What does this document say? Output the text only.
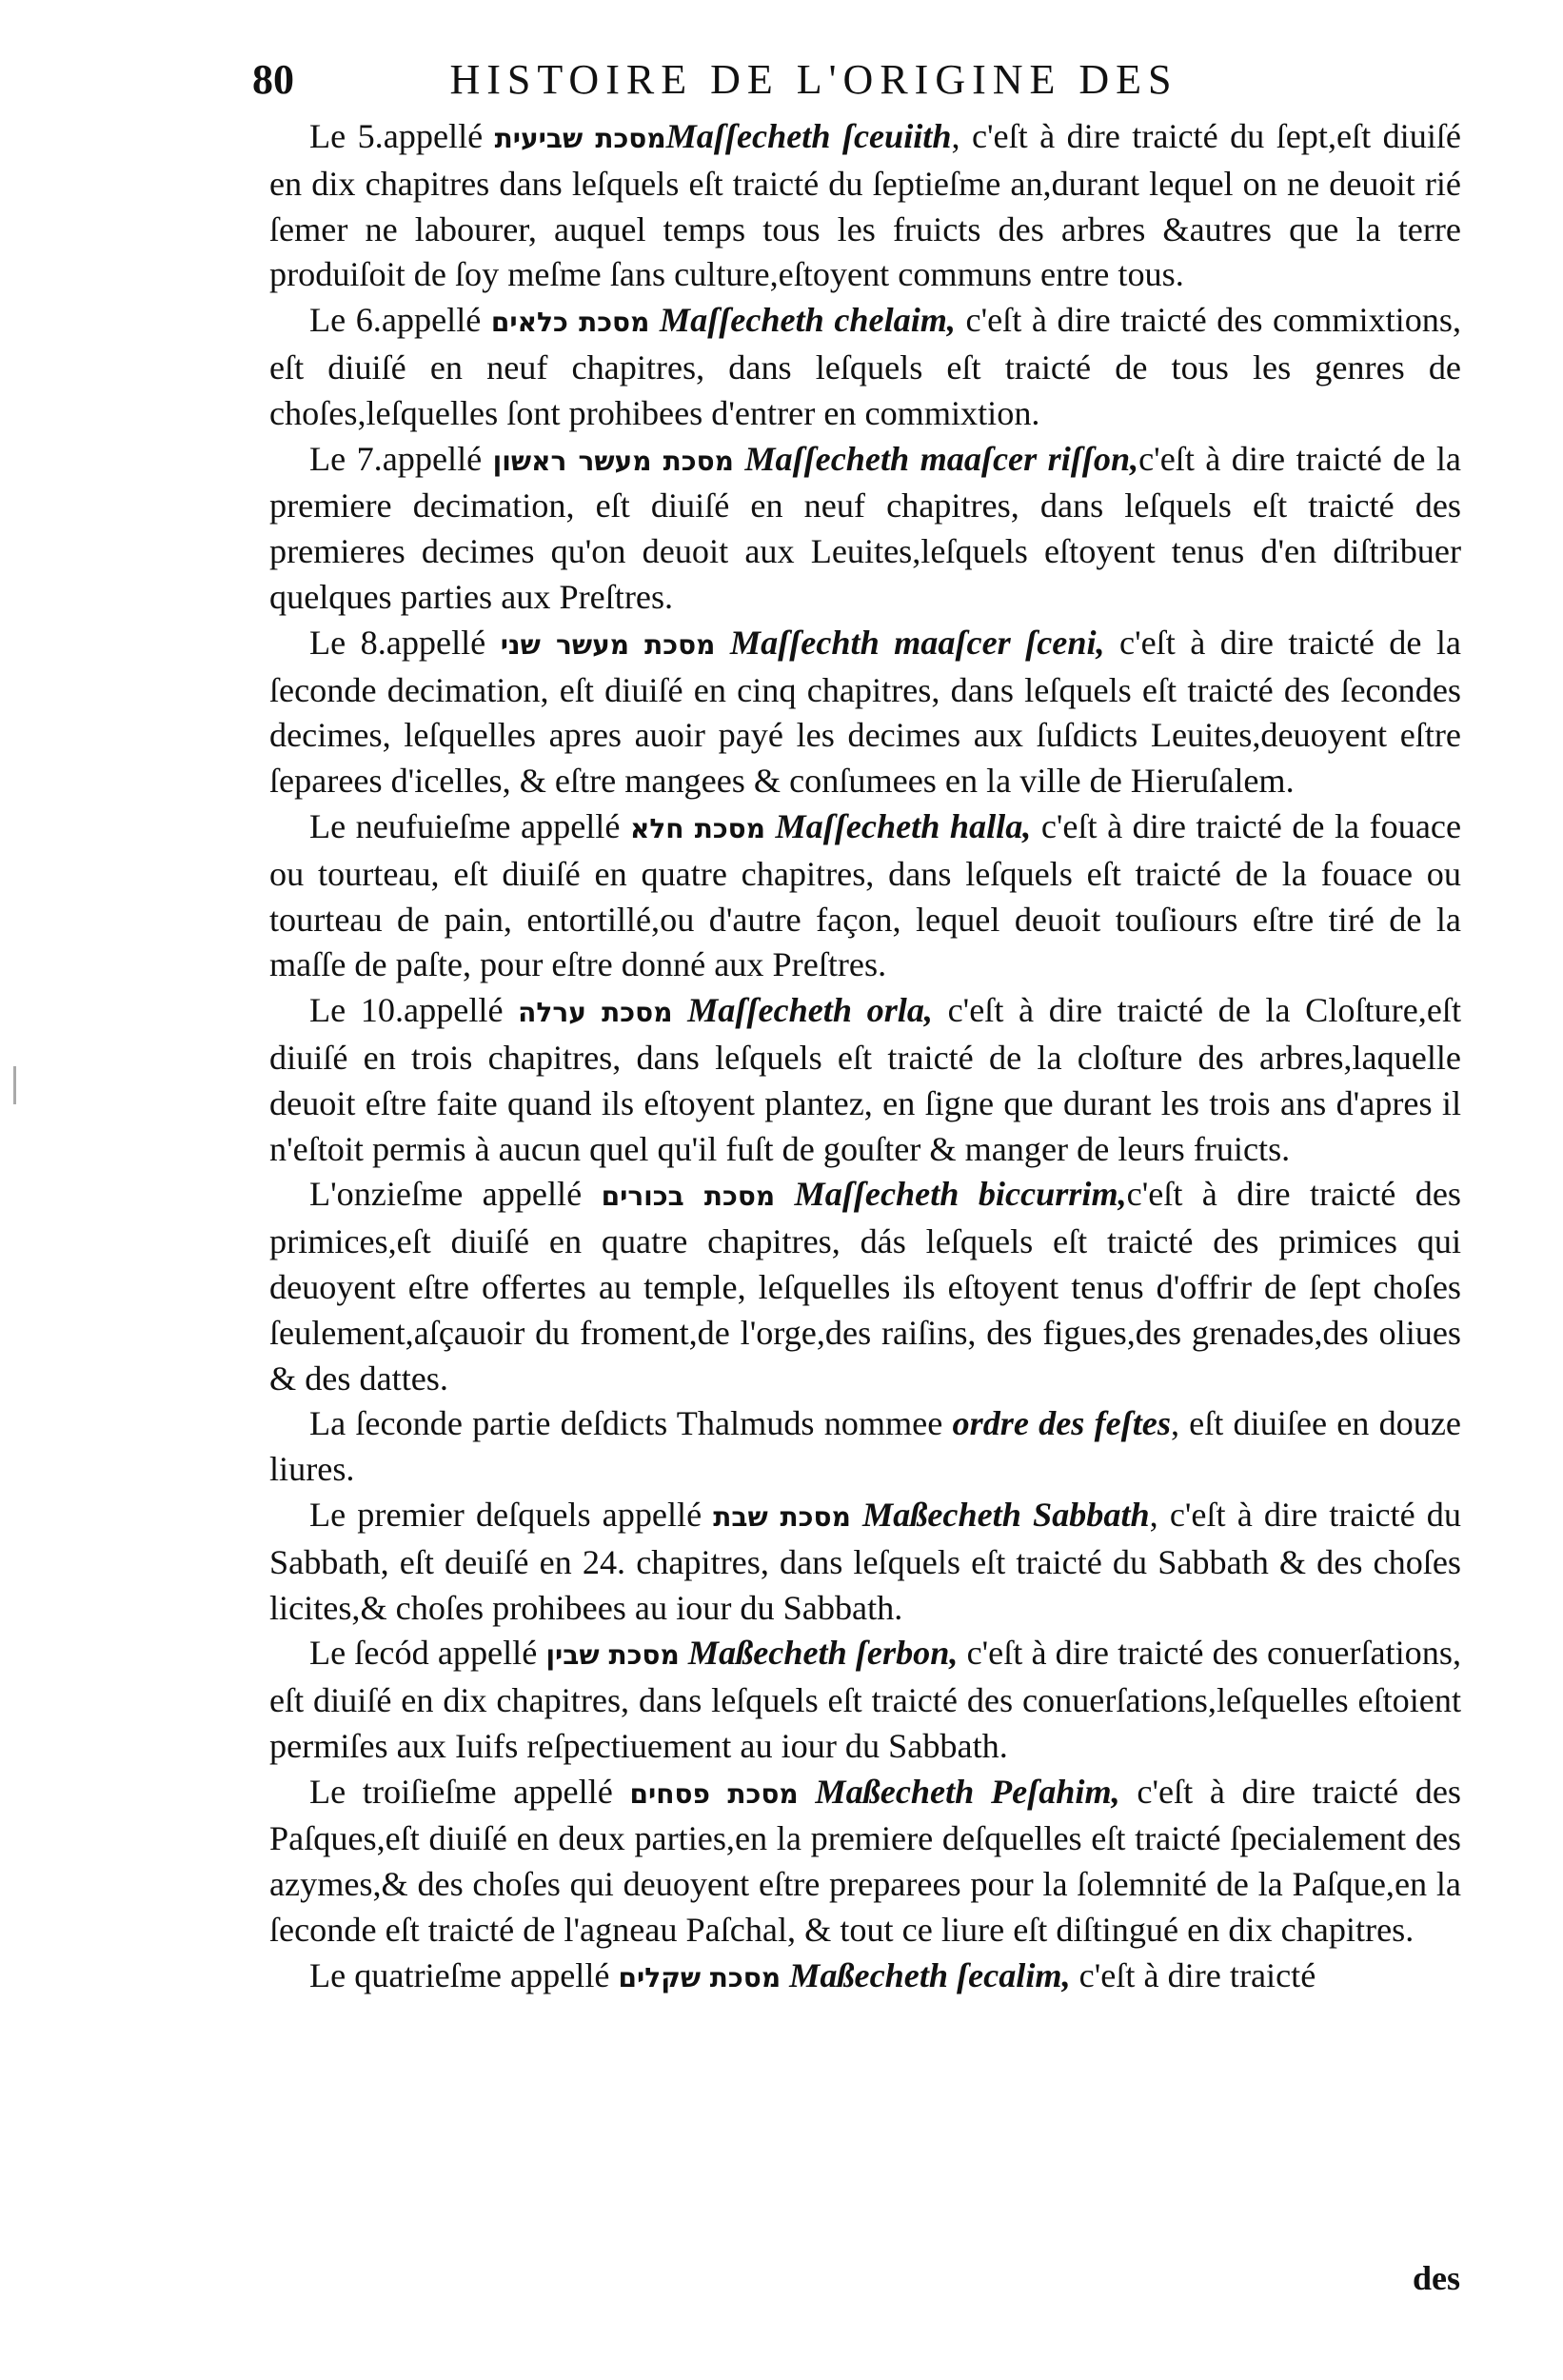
80	HISTOIRE DE L'ORIGINE DES

Le 5.appellé מסכת שביעיתMaſſecheth ſceuiith, c'eſt à dire traicté du ſept,eſt diuiſé en dix chapitres dans leſquels eſt traicté du ſeptieſme an,durant lequel on ne deuoit rié ſemer ne labourer, auquel temps tous les fruicts des arbres &autres que la terre produiſoit de ſoy meſme ſans culture,eſtoyent communs entre tous.

Le 6.appellé מסכת כלאים Maſſecheth chelaim, c'eſt à dire traicté des commixtions, eſt diuiſé en neuf chapitres, dans leſquels eſt traicté de tous les genres de choſes,leſquelles ſont prohibees d'entrer en commixtion.

Le 7.appellé מסכת מעשר ראשון Maſſecheth maaſcer riſſon,c'eſt à dire traicté de la premiere decimation, eſt diuiſé en neuf chapitres, dans leſquels eſt traicté des premieres decimes qu'on deuoit aux Leuites,leſquels eſtoyent tenus d'en diſtribuer quelques parties aux Preſtres.

Le 8.appellé מסכת מעשר שני Maſſechth maaſcer ſceni, c'eſt à dire traicté de la ſeconde decimation, eſt diuiſé en cinq chapitres, dans leſquels eſt traicté des ſecondes decimes, leſquelles apres auoir payé les decimes aux ſuſdicts Leuites,deuoyent eſtre ſeparees d'icelles, & eſtre mangees & conſumees en la ville de Hieruſalem.

Le neufuieſme appellé מסכת חלא Maſſecheth halla, c'eſt à dire traicté de la fouace ou tourteau, eſt diuiſé en quatre chapitres, dans leſquels eſt traicté de la fouace ou tourteau de pain, entortillé,ou d'autre façon, lequel deuoit touſiours eſtre tiré de la maſſe de paſte, pour eſtre donné aux Preſtres.

Le 10.appellé מסכת ערלה Maſſecheth orla, c'eſt à dire traicté de la Cloſture,eſt diuiſé en trois chapitres, dans leſquels eſt traicté de la cloſture des arbres,laquelle deuoit eſtre faite quand ils eſtoyent plantez, en ſigne que durant les trois ans d'apres il n'eſtoit permis à aucun quel qu'il fuſt de gouſter & manger de leurs fruicts.

L'onzieſme appellé מסכת בכורים Maſſecheth biccurrim,c'eſt à dire traicté des primices,eſt diuiſé en quatre chapitres, dás leſquels eſt traicté des primices qui deuoyent eſtre offertes au temple, leſquelles ils eſtoyent tenus d'offrir de ſept choſes ſeulement,aſçauoir du froment,de l'orge,des raiſins, des figues,des grenades,des oliues & des dattes.

La ſeconde partie deſdicts Thalmuds nommee ordre des feſtes, eſt diuiſee en douze liures.

Le premier deſquels appellé מסכת שבת Maßecheth Sabbath, c'eſt à dire traicté du Sabbath, eſt deuiſé en 24. chapitres, dans leſquels eſt traicté du Sabbath & des choſes licites,& choſes prohibees au iour du Sabbath.

Le ſecód appellé מסכת שבין Maßecheth ſerbon, c'eſt à dire traicté des conuerſations, eſt diuiſé en dix chapitres, dans leſquels eſt traicté des conuerſations,leſquelles eſtoient permiſes aux Iuifs reſpectiuement au iour du Sabbath.

Le troiſieſme appellé מסכת פסחים Maßecheth Peſahim, c'eſt à dire traicté des Paſques,eſt diuiſé en deux parties,en la premiere deſquelles eſt traicté ſpecialement des azymes,& des choſes qui deuoyent eſtre preparees pour la ſolemnité de la Paſque,en la ſeconde eſt traicté de l'agneau Paſchal, & tout ce liure eſt diſtingué en dix chapitres.

Le quatrieſme appellé מסכת שקלים Maßecheth ſecalim, c'eſt à dire traicté

des
